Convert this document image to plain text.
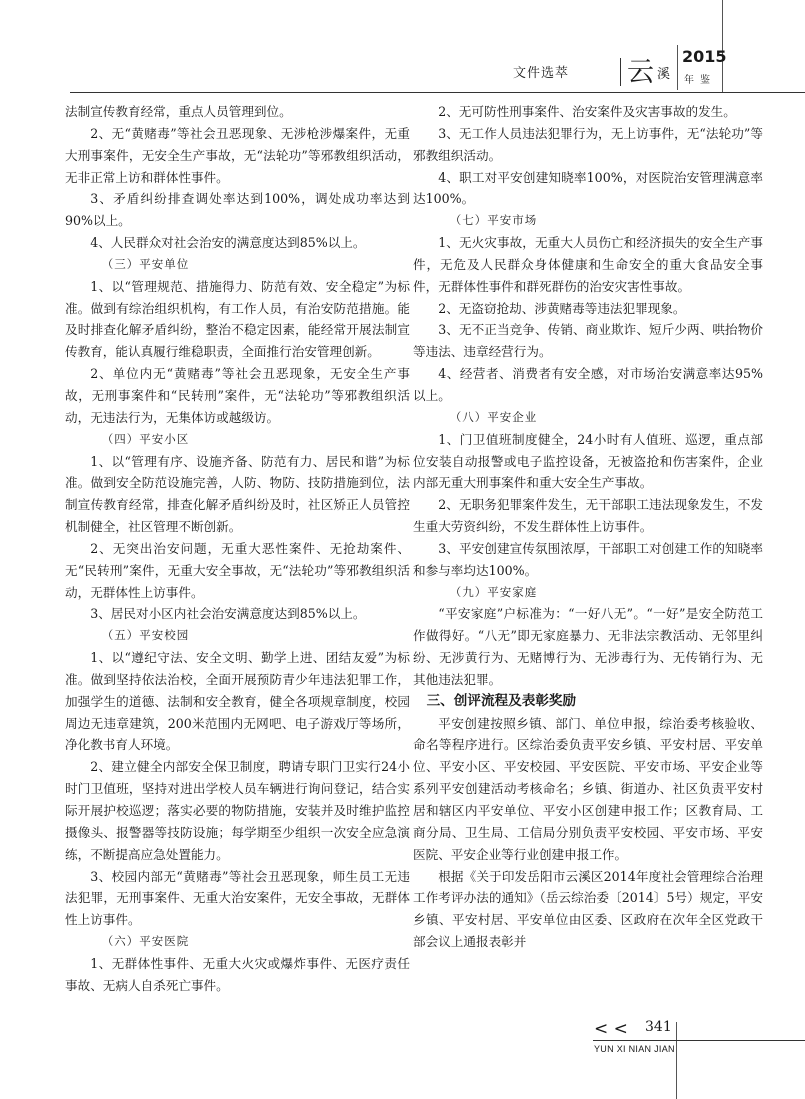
文件选萃 云 溪
2015
年鉴

法制宣传教育经常，重点人员管理到位。

2、无“黄赌毒”等社会丑恶现象、无涉枪涉爆案件，无重大刑事案件，无安全生产事故，无“法轮功”等邪教组织活动，无非正常上访和群体性事件。

3、矛盾纠纷排查调处率达到100%，调处成功率达到90%以上。

4、人民群众对社会治安的满意度达到85%以上。

（三）平安单位

1、以“管理规范、措施得力、防范有效、安全稳定”为标准。做到有综治组织机构，有工作人员，有治安防范措施。能及时排查化解矛盾纠纷，整治不稳定因素，能经常开展法制宣传教育，能认真履行维稳职责，全面推行治安管理创新。

2、单位内无“黄赌毒”等社会丑恶现象，无安全生产事故，无刑事案件和“民转刑”案件，无“法轮功”等邪教组织活动，无违法行为，无集体访或越级访。

（四）平安小区

1、以“管理有序、设施齐备、防范有力、居民和谐”为标准。做到安全防范设施完善，人防、物防、技防措施到位，法制宣传教育经常，排查化解矛盾纠纷及时，社区矫正人员管控机制健全，社区管理不断创新。

2、无突出治安问题，无重大恶性案件、无抢劫案件、无“民转刑”案件，无重大安全事故，无“法轮功”等邪教组织活动，无群体性上访事件。

3、居民对小区内社会治安满意度达到85%以上。

（五）平安校园

1、以“遵纪守法、安全文明、勤学上进、团结友爱”为标准。做到坚持依法治校，全面开展预防青少年违法犯罪工作，加强学生的道德、法制和安全教育，健全各项规章制度，校园周边无违章建筑，200米范围内无网吧、电子游戏厅等场所，净化教书育人环境。

2、建立健全内部安全保卫制度，聘请专职门卫实行24小时门卫值班，坚持对进出学校人员车辆进行询问登记，结合实际开展护校巡逻；落实必要的物防措施，安装并及时维护监控摄像头、报警器等技防设施；每学期至少组织一次安全应急演练，不断提高应急处置能力。

3、校园内部无“黄赌毒”等社会丑恶现象，师生员工无违法犯罪，无刑事案件、无重大治安案件，无安全事故，无群体性上访事件。

（六）平安医院

1、无群体性事件、无重大火灾或爆炸事件、无医疗责任事故、无病人自杀死亡事件。

2、无可防性刑事案件、治安案件及灾害事故的发生。

3、无工作人员违法犯罪行为，无上访事件，无“法轮功”等邪教组织活动。

4、职工对平安创建知晓率100%，对医院治安管理满意率达100%。

（七）平安市场

1、无火灾事故，无重大人员伤亡和经济损失的安全生产事件，无危及人民群众身体健康和生命安全的重大食品安全事件，无群体性事件和群死群伤的治安灾害性事故。

2、无盗窃抢劫、涉黄赌毒等违法犯罪现象。

3、无不正当竞争、传销、商业欺诈、短斤少两、哄抬物价等违法、违章经营行为。

4、经营者、消费者有安全感，对市场治安满意率达95%以上。

（八）平安企业

1、门卫值班制度健全，24小时有人值班、巡逻，重点部位安装自动报警或电子监控设备，无被盗抢和伤害案件，企业内部无重大刑事案件和重大安全生产事故。

2、无职务犯罪案件发生，无干部职工违法现象发生，不发生重大劳资纠纷，不发生群体性上访事件。

3、平安创建宣传氛围浓厚，干部职工对创建工作的知晓率和参与率均达100%。

（九）平安家庭

“平安家庭”户标准为：“一好八无”。“一好”是安全防范工作做得好。“八无”即无家庭暴力、无非法宗教活动、无邻里纠纷、无涉黄行为、无赌博行为、无涉毒行为、无传销行为、无其他违法犯罪。

三、创评流程及表彰奖励

平安创建按照乡镇、部门、单位申报，综治委考核验收、命名等程序进行。区综治委负责平安乡镇、平安村居、平安单位、平安小区、平安校园、平安医院、平安市场、平安企业等系列平安创建活动考核命名；乡镇、街道办、社区负责平安村居和辖区内平安单位、平安小区创建申报工作；区教育局、工商分局、卫生局、工信局分别负责平安校园、平安市场、平安医院、平安企业等行业创建申报工作。

根据《关于印发岳阳市云溪区2014年度社会管理综合治理工作考评办法的通知》（岳云综治委〔2014〕5号）规定，平安乡镇、平安村居、平安单位由区委、区政府在次年全区党政干部会议上通报表彰并

< < 341
YUN XI NIAN JIAN
